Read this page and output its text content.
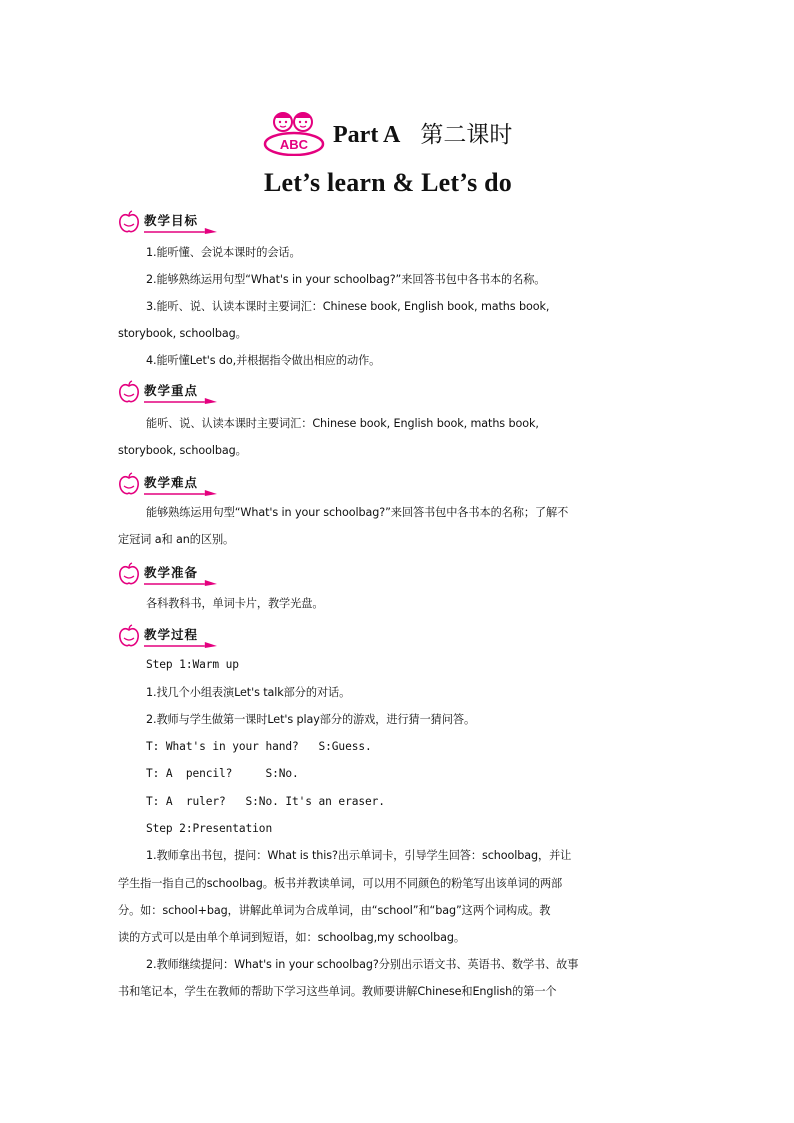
ABC Part A 第二课时
Let’s learn & Let’s do
教学目标
1.能听懂、会说本课时的会话。
2.能够熟练运用句型“What's in your schoolbag?”来回答书包中各书本的名称。
3.能听、说、认读本课时主要词汇：Chinese book, English book, maths book,
storybook, schoolbag。
4.能听懂Let's do,并根据指令做出相应的动作。
教学重点
能听、说、认读本课时主要词汇：Chinese book, English book, maths book,
storybook, schoolbag。
教学难点
能够熟练运用句型“What's in your schoolbag?”来回答书包中各书本的名称；了解不
定冠词 a和 an的区别。
教学准备
各科教科书，单词卡片，教学光盘。
教学过程
Step 1:Warm up
1.找几个小组表演Let's talk部分的对话。
2.教师与学生做第一课时Let's play部分的游戏，进行猜一猜问答。
T: What's in your hand?   S:Guess.
T: A  pencil?     S:No.
T: A  ruler?   S:No. It's an eraser.
Step 2:Presentation
1.教师拿出书包，提问：What is this?出示单词卡，引导学生回答：schoolbag，并让
学生指一指自己的schoolbag。板书并教读单词，可以用不同颜色的粉笔写出该单词的两部
分。如：school+bag，讲解此单词为合成单词，由“school”和“bag”这两个词构成。教
读的方式可以是由单个单词到短语，如：schoolbag,my schoolbag。
2.教师继续提问：What's in your schoolbag?分别出示语文书、英语书、数学书、故事
书和笔记本，学生在教师的帮助下学习这些单词。教师要讲解Chinese和English的第一个
